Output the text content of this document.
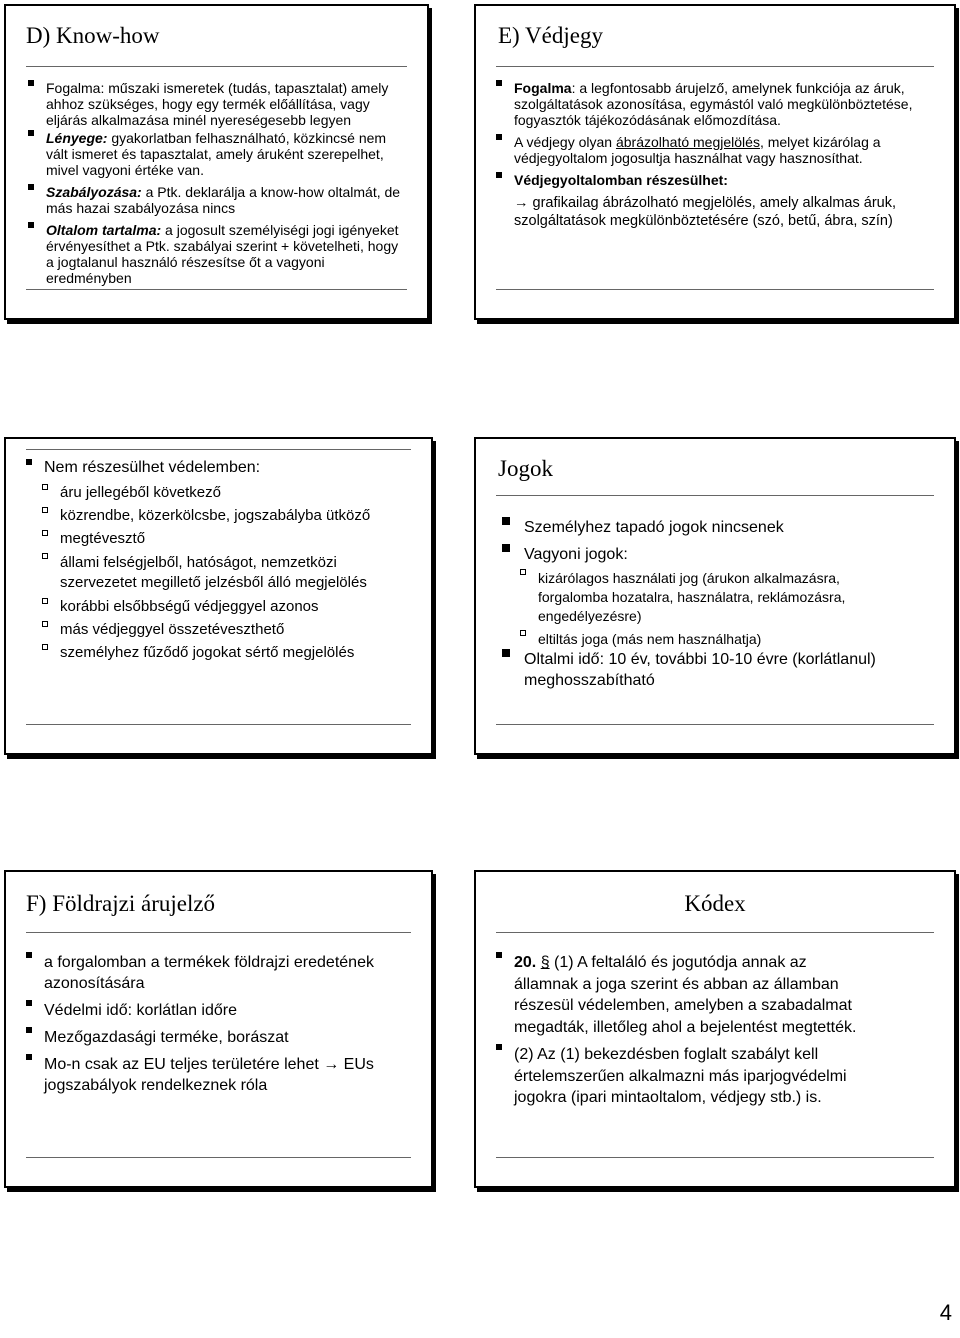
D) Know-how
Fogalma: műszaki ismeretek (tudás, tapasztalat) amely ahhoz szükséges, hogy egy termék előállítása, vagy eljárás alkalmazása minél nyereségesebb legyen
Lényege: gyakorlatban felhasználható, közkincsé nem vált ismeret és tapasztalat, amely áruként szerepelhet, mivel vagyoni értéke van.
Szabályozása: a Ptk. deklarálja a know-how oltalmát, de más hazai szabályozása nincs
Oltalom tartalma: a jogosult személyiségi jogi igényeket érvényesíthet a Ptk. szabályai szerint + követelheti, hogy a jogtalanul használó részesítse őt a vagyoni eredményben
E) Védjegy
Fogalma: a legfontosabb árujelző, amelynek funkciója az áruk, szolgáltatások azonosítása, egymástól való megkülönböztetése, fogyasztók tájékozódásának előmozdítása.
A védjegy olyan ábrázolható megjelölés, melyet kizárólag a védjegyoltalom jogosultja használhat vagy hasznosíthat.
Védjegyoltalomban részesülhet:
→ grafikailag ábrázolható megjelölés, amely alkalmas áruk, szolgáltatások megkülönböztetésére (szó, betű, ábra, szín)
Nem részesülhet védelemben:
áru jellegéből következő
közrendbe, közerkölcsbe, jogszabályba ütköző
megtévesztő
állami felségjelből, hatóságot, nemzetközi szervezetet megillető jelzésből álló megjelölés
korábbi elsőbbségű védjeggyel azonos
más védjeggyel összetéveszthető
személyhez fűződő jogokat sértő megjelölés
Jogok
Személyhez tapadó jogok nincsenek
Vagyoni jogok:
kizárólagos használati jog (árukon alkalmazásra, forgalomba hozatalra, használatra, reklámozásra, engedélyezésre)
eltiltás joga (más nem használhatja)
Oltalmi idő: 10 év, további 10-10 évre (korlátlanul) meghosszabítható
F) Földrajzi árujelző
a forgalomban a termékek földrajzi eredetének azonosítására
Védelmi idő: korlátlan időre
Mezőgazdasági terméke, borászat
Mo-n csak az EU teljes területére lehet → EUs jogszabályok rendelkeznek róla
Kódex
20. § (1) A feltaláló és jogutódja annak az államnak a joga szerint és abban az államban részesül védelemben, amelyben a szabadalmat megadták, illetőleg ahol a bejelentést megtették.
(2) Az (1) bekezdésben foglalt szabályt kell értelemszerűen alkalmazni más iparjogvédelmi jogokra (ipari mintaoltalom, védjegy stb.) is.
4
